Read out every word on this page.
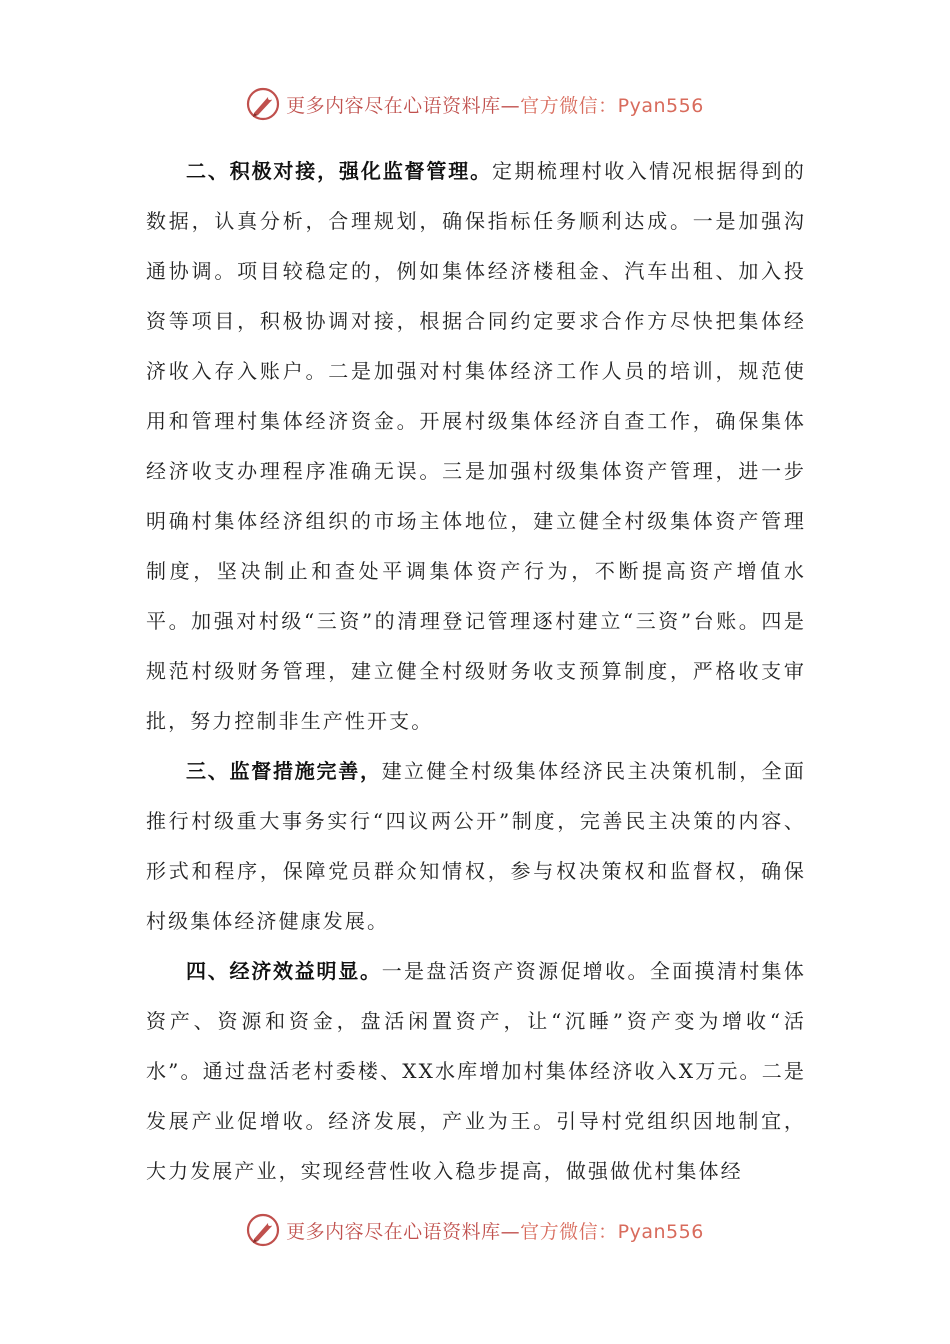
更多内容尽在心语资料库—官方微信：Pyan556

二、积极对接，强化监督管理。定期梳理村收入情况根据得到的数据，认真分析，合理规划，确保指标任务顺利达成。一是加强沟通协调。项目较稳定的，例如集体经济楼租金、汽车出租、加入投资等项目，积极协调对接，根据合同约定要求合作方尽快把集体经济收入存入账户。二是加强对村集体经济工作人员的培训，规范使用和管理村集体经济资金。开展村级集体经济自查工作，确保集体经济收支办理程序准确无误。三是加强村级集体资产管理，进一步明确村集体经济组织的市场主体地位，建立健全村级集体资产管理制度，坚决制止和查处平调集体资产行为，不断提高资产增值水平。加强对村级“三资”的清理登记管理逐村建立“三资”台账。四是规范村级财务管理，建立健全村级财务收支预算制度，严格收支审批，努力控制非生产性开支。

三、监督措施完善，建立健全村级集体经济民主决策机制，全面推行村级重大事务实行“四议两公开”制度，完善民主决策的内容、形式和程序，保障党员群众知情权，参与权决策权和监督权，确保村级集体经济健康发展。

四、经济效益明显。一是盘活资产资源促增收。全面摸清村集体资产、资源和资金，盘活闲置资产，让“沉睡”资产变为增收“活水”。通过盘活老村委楼、XX水库增加村集体经济收入X万元。二是发展产业促增收。经济发展，产业为王。引导村党组织因地制宜，大力发展产业，实现经营性收入稳步提高，做强做优村集体经

更多内容尽在心语资料库—官方微信：Pyan556
